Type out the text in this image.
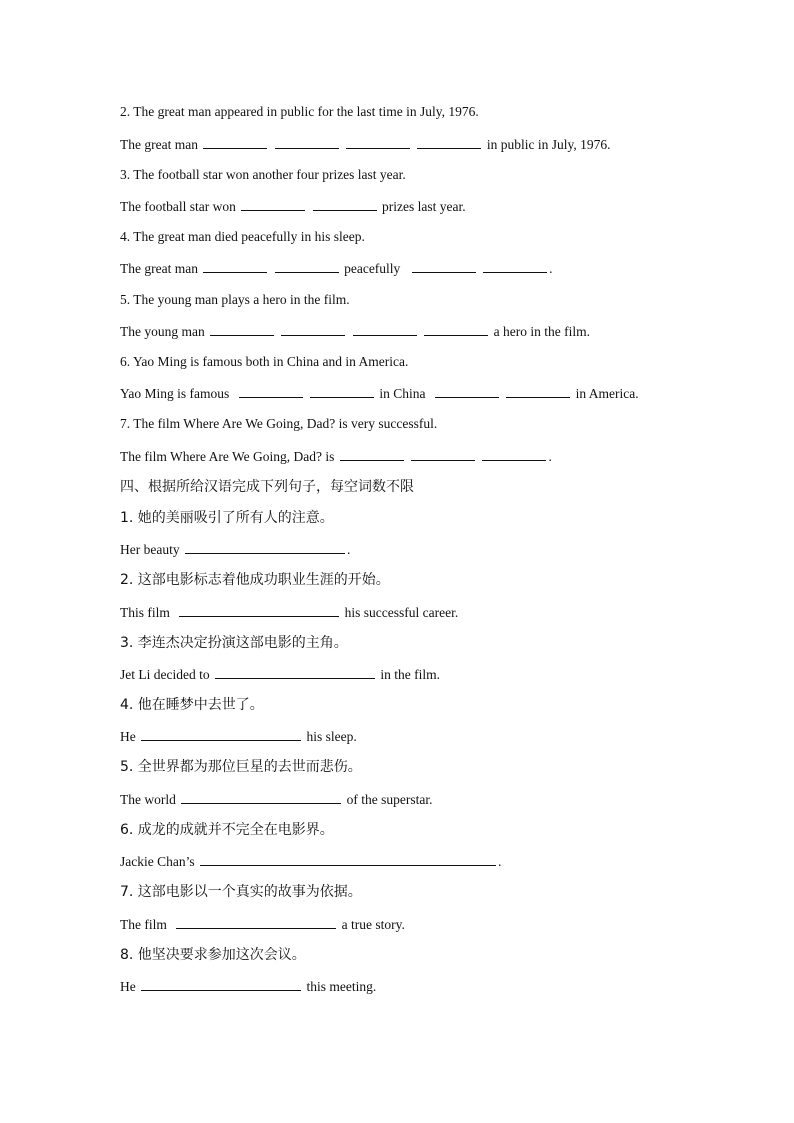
2. The great man appeared in public for the last time in July, 1976.
The great man	in public in July, 1976.
3. The football star won another four prizes last year.
The football star won	prizes last year.
4. The great man died peacefully in his sleep.
The great man	peacefully	.
5. The young man plays a hero in the film.
The young man	a hero in the film.
6. Yao Ming is famous both in China and in America.
Yao Ming is famous	in China	in America.
7. The film Where Are We Going, Dad? is very successful.
The film Where Are We Going, Dad? is	.
四、根据所给汉语完成下列句子，每空词数不限
1. 她的美丽吸引了所有人的注意。
Her beauty	.
2. 这部电影标志着他成功职业生涯的开始。
This film	his successful career.
3. 李连杰决定扮演这部电影的主角。
Jet Li decided to	in the film.
4. 他在睡梦中去世了。
He	his sleep.
5. 全世界都为那位巨星的去世而悲伤。
The world	of the superstar.
6. 成龙的成就并不完全在电影界。
Jackie Chan’s	.
7. 这部电影以一个真实的故事为依据。
The film	a true story.
8. 他坚决要求参加这次会议。
He	this meeting.
